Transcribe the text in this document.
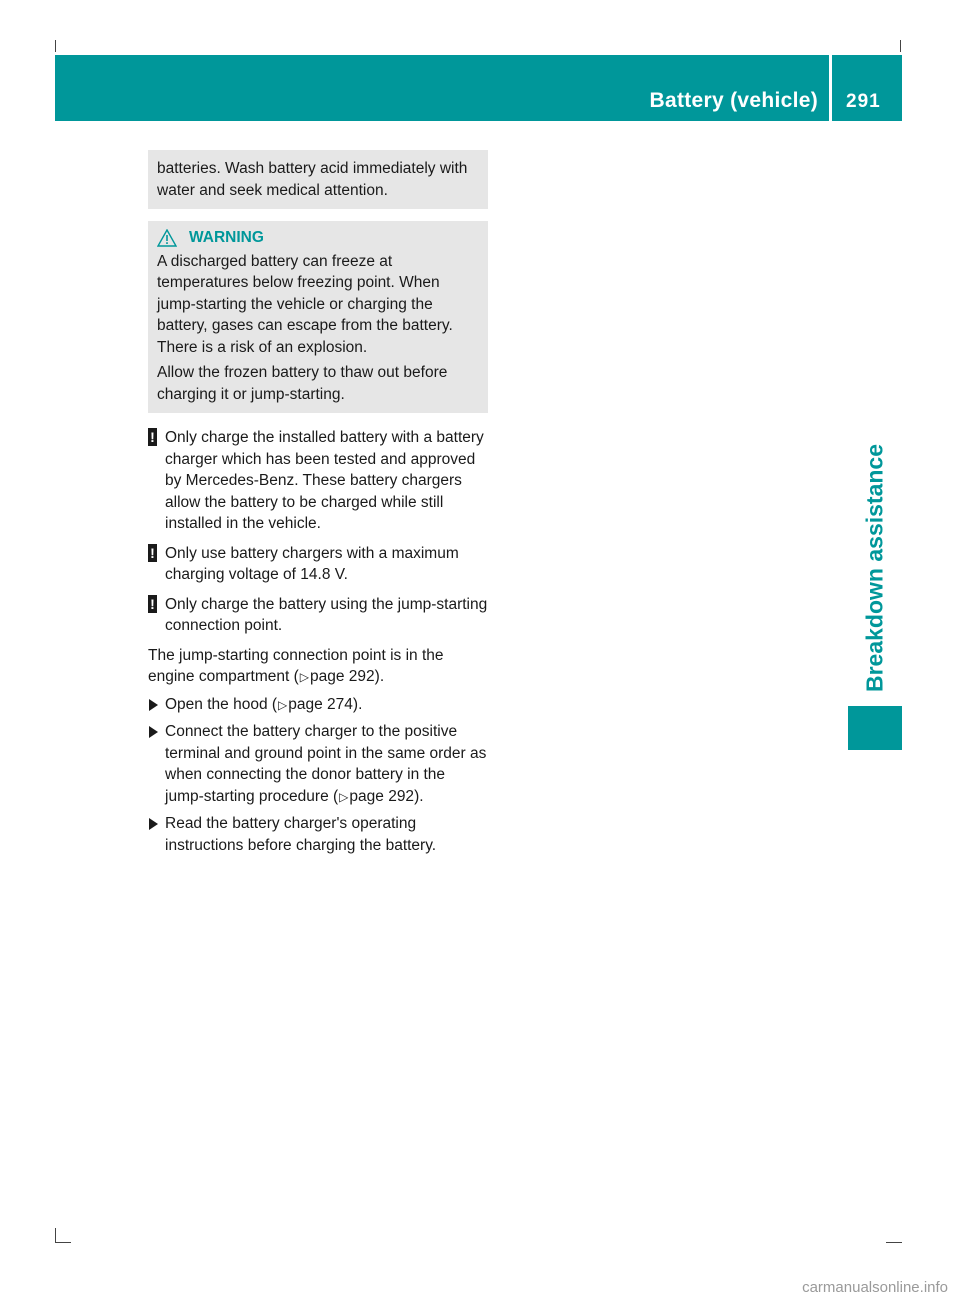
Battery (vehicle) 291
Breakdown assistance
batteries. Wash battery acid immediately with
water and seek medical attention.
WARNING

A discharged battery can freeze at temperatures below freezing point. When jump-starting the vehicle or charging the battery, gases can escape from the battery. There is a risk of an explosion.

Allow the frozen battery to thaw out before charging it or jump-starting.

! Only charge the installed battery with a battery charger which has been tested and approved by Mercedes-Benz. These battery chargers allow the battery to be charged while still installed in the vehicle.
! Only use battery chargers with a maximum charging voltage of 14.8 V.
! Only charge the battery using the jump-starting connection point.
The jump-starting connection point is in the engine compartment (▷page 292).
Open the hood (▷page 274).
Connect the battery charger to the positive terminal and ground point in the same order as when connecting the donor battery in the jump-starting procedure (▷page 292).
Read the battery charger's operating instructions before charging the battery.
carmanualsonline.info
